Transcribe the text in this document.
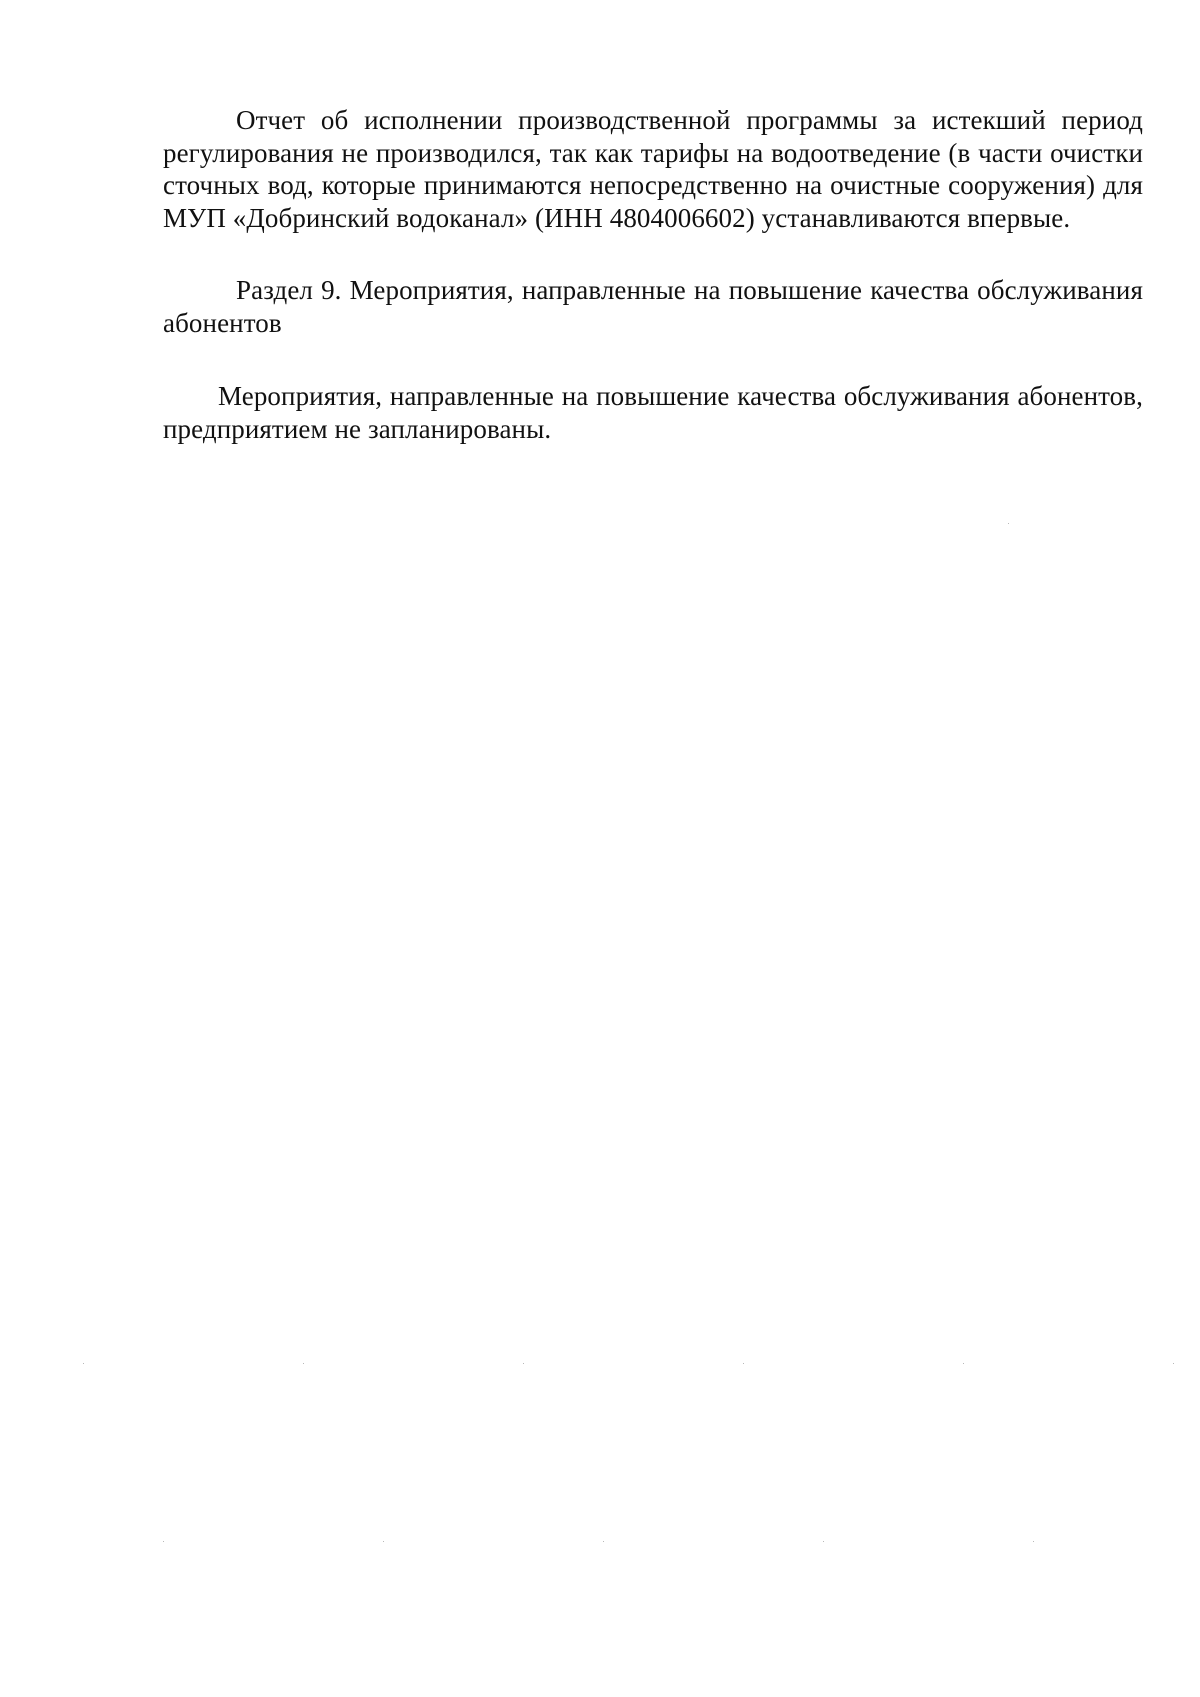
Отчет об исполнении производственной программы за истекший период регулирования не производился, так как тарифы на водоотведение (в части очистки сточных вод, которые принимаются непосредственно на очистные сооружения) для МУП «Добринский водоканал» (ИНН 4804006602) устанавливаются впервые.

Раздел 9. Мероприятия, направленные на повышение качества обслуживания абонентов

Мероприятия, направленные на повышение качества обслуживания абонентов, предприятием не запланированы.
